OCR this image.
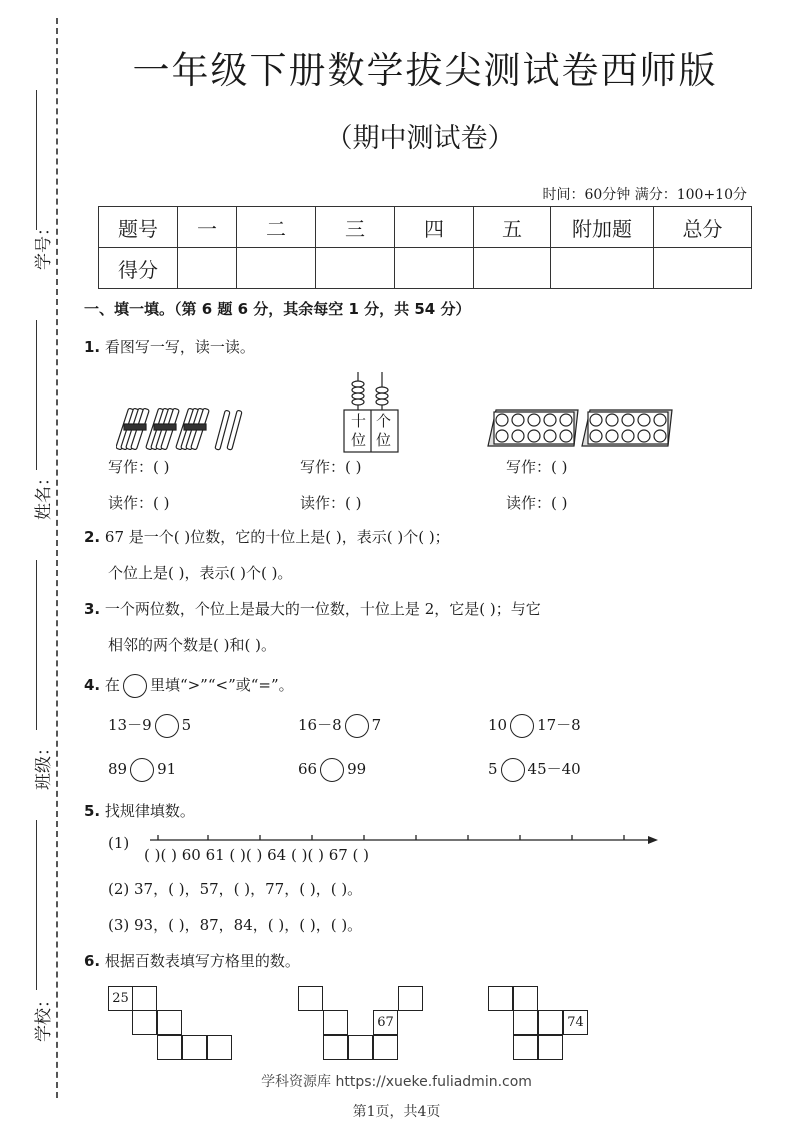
学号：
姓名：
班级：
学校：
一年级下册数学拔尖测试卷西师版
（期中测试卷）
时间：60分钟 满分：100+10分
题号	一	二	三	四	五	附加题	总分
得分							
一、填一填。（第 6 题 6 分，其余每空 1 分，共 54 分）
1. 看图写一写，读一读。
十 个
位 位
写作：( )	写作：( )	写作：( )
读作：( )	读作：( )	读作：( )
2. 67 是一个( )位数，它的十位上是( )，表示( )个( )；
个位上是( )，表示( )个( )。
3. 一个两位数，个位上是最大的一位数，十位上是 2，它是( )；与它
相邻的两个数是( )和( )。
4. 在 里填“>”“<”或“=”。
13－9 5	16－8 7	10 17－8
89 91	66 99	5 45－40
5. 找规律填数。
(1)
( )( ) 60 61 ( )( ) 64 ( )( ) 67 ( )
(2) 37，( )，57，( )，77，( )，( )。
(3) 93，( )，87，84，( )，( )，( )。
6. 根据百数表填写方格里的数。
25
67	74
学科资源库 https://xueke.fuliadmin.com
第1页，共4页
